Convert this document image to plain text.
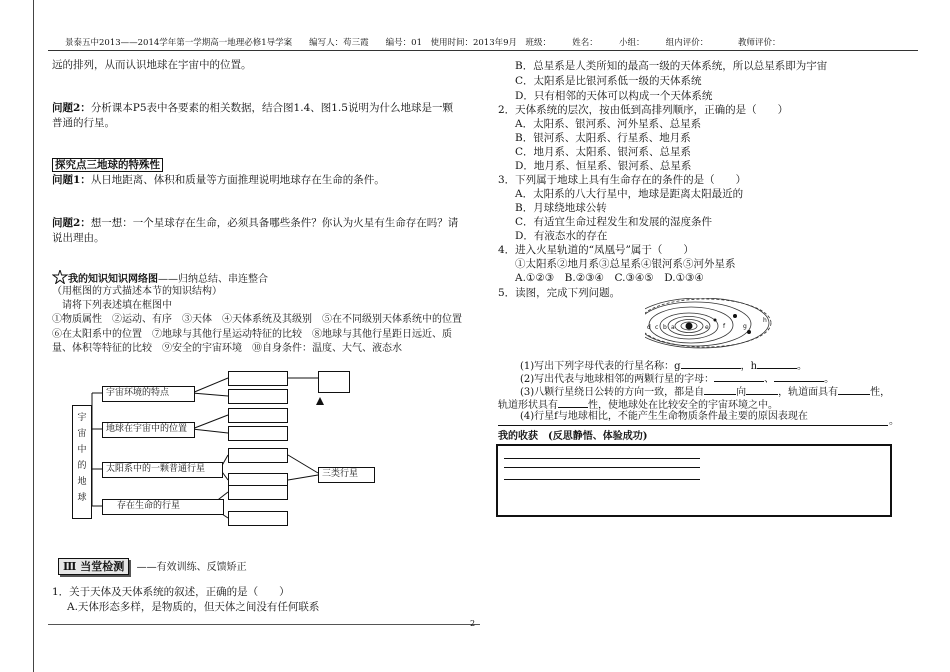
景泰五中2013——2014学年第一学期高一地理必修1导学案　　编写人：苟三霞　　编号：01　使用时间：2013年9月　班级：　　　姓名：　　　小组：　　　组内评价：　　　　教师评价：
远的排列，从而认识地球在宇宙中的位置。
问题2：分析课本P5表中各要素的相关数据，结合图1.4、图1.5说明为什么地球是一颗普通的行星。
探究点三地球的特殊性
问题1：从日地距离、体积和质量等方面推理说明地球存在生命的条件。
问题2：想一想：一个星球存在生命，必须具备哪些条件？你认为火星有生命存在吗？请说出理由。
我的知识知识网络图——归纳总结、串连整合
（用框图的方式描述本节的知识结构）
请将下列表述填在框图中
①物质属性　②运动、有序　③天体　④天体系统及其级别　⑤在不同级别天体系统中的位置　⑥在太阳系中的位置　⑦地球与其他行星运动特征的比较　⑧地球与其他行星距日远近、质量、体积等特征的比较　⑨安全的宇宙环境　⑩自身条件：温度、大气、液态水
宇
宙
中
的
地
球
宇宙环境的特点
地球在宇宙中的位置
太阳系中的一颗普通行星
存在生命的行星
三类行星
Ⅲ 当堂检测 ——有效训练、反馈矫正
1．关于天体及天体系统的叙述，正确的是（　　）
A.天体形态多样，是物质的，但天体之间没有任何联系
2
B．总星系是人类所知的最高一级的天体系统，所以总星系即为宇宙
C．太阳系是比银河系低一级的天体系统
D．只有相邻的天体可以构成一个天体系统
2．天体系统的层次，按由低到高排列顺序，正确的是（　　）
A．太阳系、银河系、河外星系、总星系
B．银河系、太阳系、行星系、地月系
C．地月系、太阳系、银河系、总星系
D．地月系、恒星系、银河系、总星系
3．下列属于地球上具有生命存在的条件的是（　　）
A．太阳系的八大行星中，地球是距离太阳最近的
B．月球绕地球公转
C．有适宜生命过程发生和发展的湿度条件
D．有液态水的存在
4．进入火星轨道的“凤凰号”属于（　　）
①太阳系②地月系③总星系④银河系⑤河外星系
A.①②③　B.②③④　C.③④⑤　D.①③④
5．读图，完成下列问题。
d c b a	e f	g
h
(1)写出下列字母代表的行星名称：g	，h	。
(2)写出代表与地球相邻的两颗行星的字母：	、	。
(3)八颗行星绕日公转的方向一致，都是自	向	，轨道面具有	性，
轨道形状具有	性，使地球处在比较安全的宇宙环境之中。
(4)行星f与地球相比，不能产生生命物质条件最主要的原因表现在	。
我的收获　(反思静悟、体验成功)
